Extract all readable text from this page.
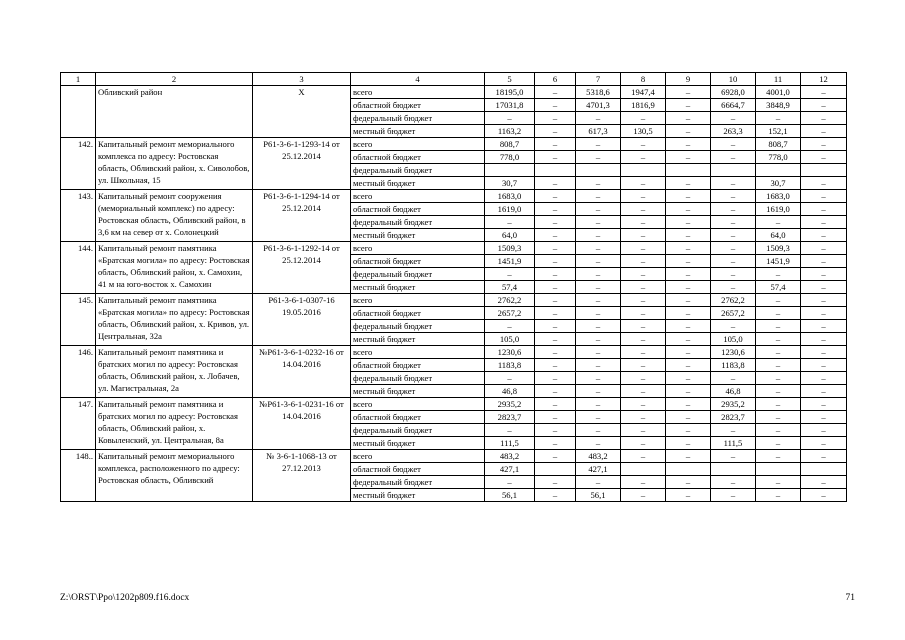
1	2	3	4	5	6	7	8	9	10	11	12
	Обливский район	X	всего	18195,0	–	5318,6	1947,4	–	6928,0	4001,0	–
			областной бюджет	17031,8	–	4701,3	1816,9	–	6664,7	3848,9	–
			федеральный бюджет	–	–	–	–	–	–	–	–
			местный бюджет	1163,2	–	617,3	130,5	–	263,3	152,1	–
142.	Капитальный ремонт мемориального комплекса по адресу: Ростовская область, Обливский район, х. Сиволобов, ул. Школьная, 15	Р61-3-6-1-1293-14 от 25.12.2014	всего	808,7	–	–	–	–	–	808,7	–
			областной бюджет	778,0	–	–	–	–	–	778,0	–
			федеральный бюджет								
			местный бюджет	30,7	–	–	–	–	–	30,7	–
143.	Капитальный ремонт сооружения (мемориальный комплекс) по адресу: Ростовская область, Обливский район, в 3,6 км на север от х. Солонецкий	Р61-3-6-1-1294-14 от 25.12.2014	всего	1683,0	–	–	–	–	–	1683,0	–
			областной бюджет	1619,0	–	–	–	–	–	1619,0	–
			федеральный бюджет	–	–	–	–	–	–	–	–
			местный бюджет	64,0	–	–	–	–	–	64,0	–
144.	Капитальный ремонт памятника «Братская могила» по адресу: Ростовская область, Обливский район, х. Самохин, 41 м на юго-восток х. Самохин	Р61-3-6-1-1292-14 от 25.12.2014	всего	1509,3	–	–	–	–	–	1509,3	–
			областной бюджет	1451,9	–	–	–	–	–	1451,9	–
			федеральный бюджет	–	–	–	–	–	–	–	–
			местный бюджет	57,4	–	–	–	–	–	57,4	–
145.	Капитальный ремонт памятника «Братская могила» по адресу: Ростовская область, Обливский район, х. Кривов, ул. Центральная, 32а	Р61-3-6-1-0307-16 19.05.2016	всего	2762,2	–	–	–	–	2762,2	–	–
			областной бюджет	2657,2	–	–	–	–	2657,2	–	–
			федеральный бюджет	–	–	–	–	–	–	–	–
			местный бюджет	105,0	–	–	–	–	105,0	–	–
146.	Капитальный ремонт памятника и братских могил по адресу: Ростовская область, Обливский район, х. Лобачев, ул. Магистральная, 2а	№Р61-3-6-1-0232-16 от 14.04.2016	всего	1230,6	–	–	–	–	1230,6	–	–
			областной бюджет	1183,8	–	–	–	–	1183,8	–	–
			федеральный бюджет	–	–	–	–	–	–	–	–
			местный бюджет	46,8	–	–	–	–	46,8	–	–
147.	Капитальный ремонт памятника и братских могил по адресу: Ростовская область, Обливский район, х. Ковыленский, ул. Центральная, 8а	№Р61-3-6-1-0231-16 от 14.04.2016	всего	2935,2	–	–	–	–	2935,2	–	–
			областной бюджет	2823,7	–	–	–	–	2823,7	–	–
			федеральный бюджет	–	–	–	–	–	–	–	–
			местный бюджет	111,5	–	–	–	–	111,5	–	–
148..	Капитальный ремонт мемориального комплекса, расположенного по адресу: Ростовская область, Обливский	№ 3-6-1-1068-13 от 27.12.2013	всего	483,2	–	483,2	–	–	–	–	–
			областной бюджет	427,1		427,1					
			федеральный бюджет	–	–	–	–	–	–	–	–
			местный бюджет	56,1	–	56,1	–	–	–	–	–
Z:\ORST\Ppo\1202p809.f16.docx	71
